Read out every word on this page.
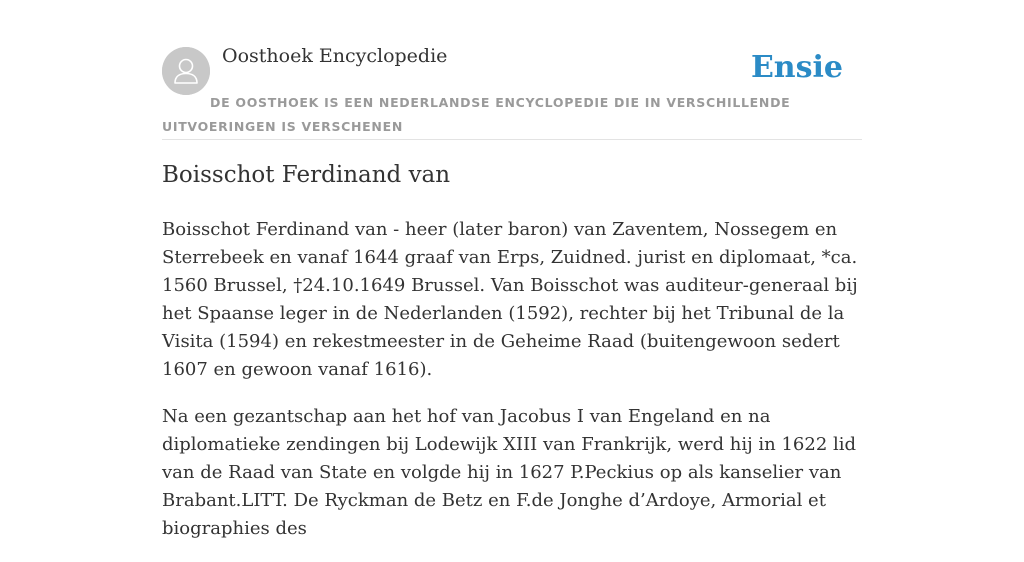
Oosthoek Encyclopedie	Ensie

DE OOSTHOEK IS EEN NEDERLANDSE ENCYCLOPEDIE DIE IN VERSCHILLENDE UITVOERINGEN IS VERSCHENEN

Boisschot Ferdinand van

Boisschot Ferdinand van - heer (later baron) van Zaventem, Nossegem en Sterrebeek en vanaf 1644 graaf van Erps, Zuidned. jurist en diplomaat, *ca. 1560 Brussel, †24.10.1649 Brussel. Van Boisschot was auditeur-generaal bij het Spaanse leger in de Nederlanden (1592), rechter bij het Tribunal de la Visita (1594) en rekestmeester in de Geheime Raad (buitengewoon sedert 1607 en gewoon vanaf 1616).

Na een gezantschap aan het hof van Jacobus I van Engeland en na diplomatieke zendingen bij Lodewijk XIII van Frankrijk, werd hij in 1622 lid van de Raad van State en volgde hij in 1627 P.Peckius op als kanselier van Brabant.LITT. De Ryckman de Betz en F.de Jonghe d’Ardoye, Armorial et biographies des
